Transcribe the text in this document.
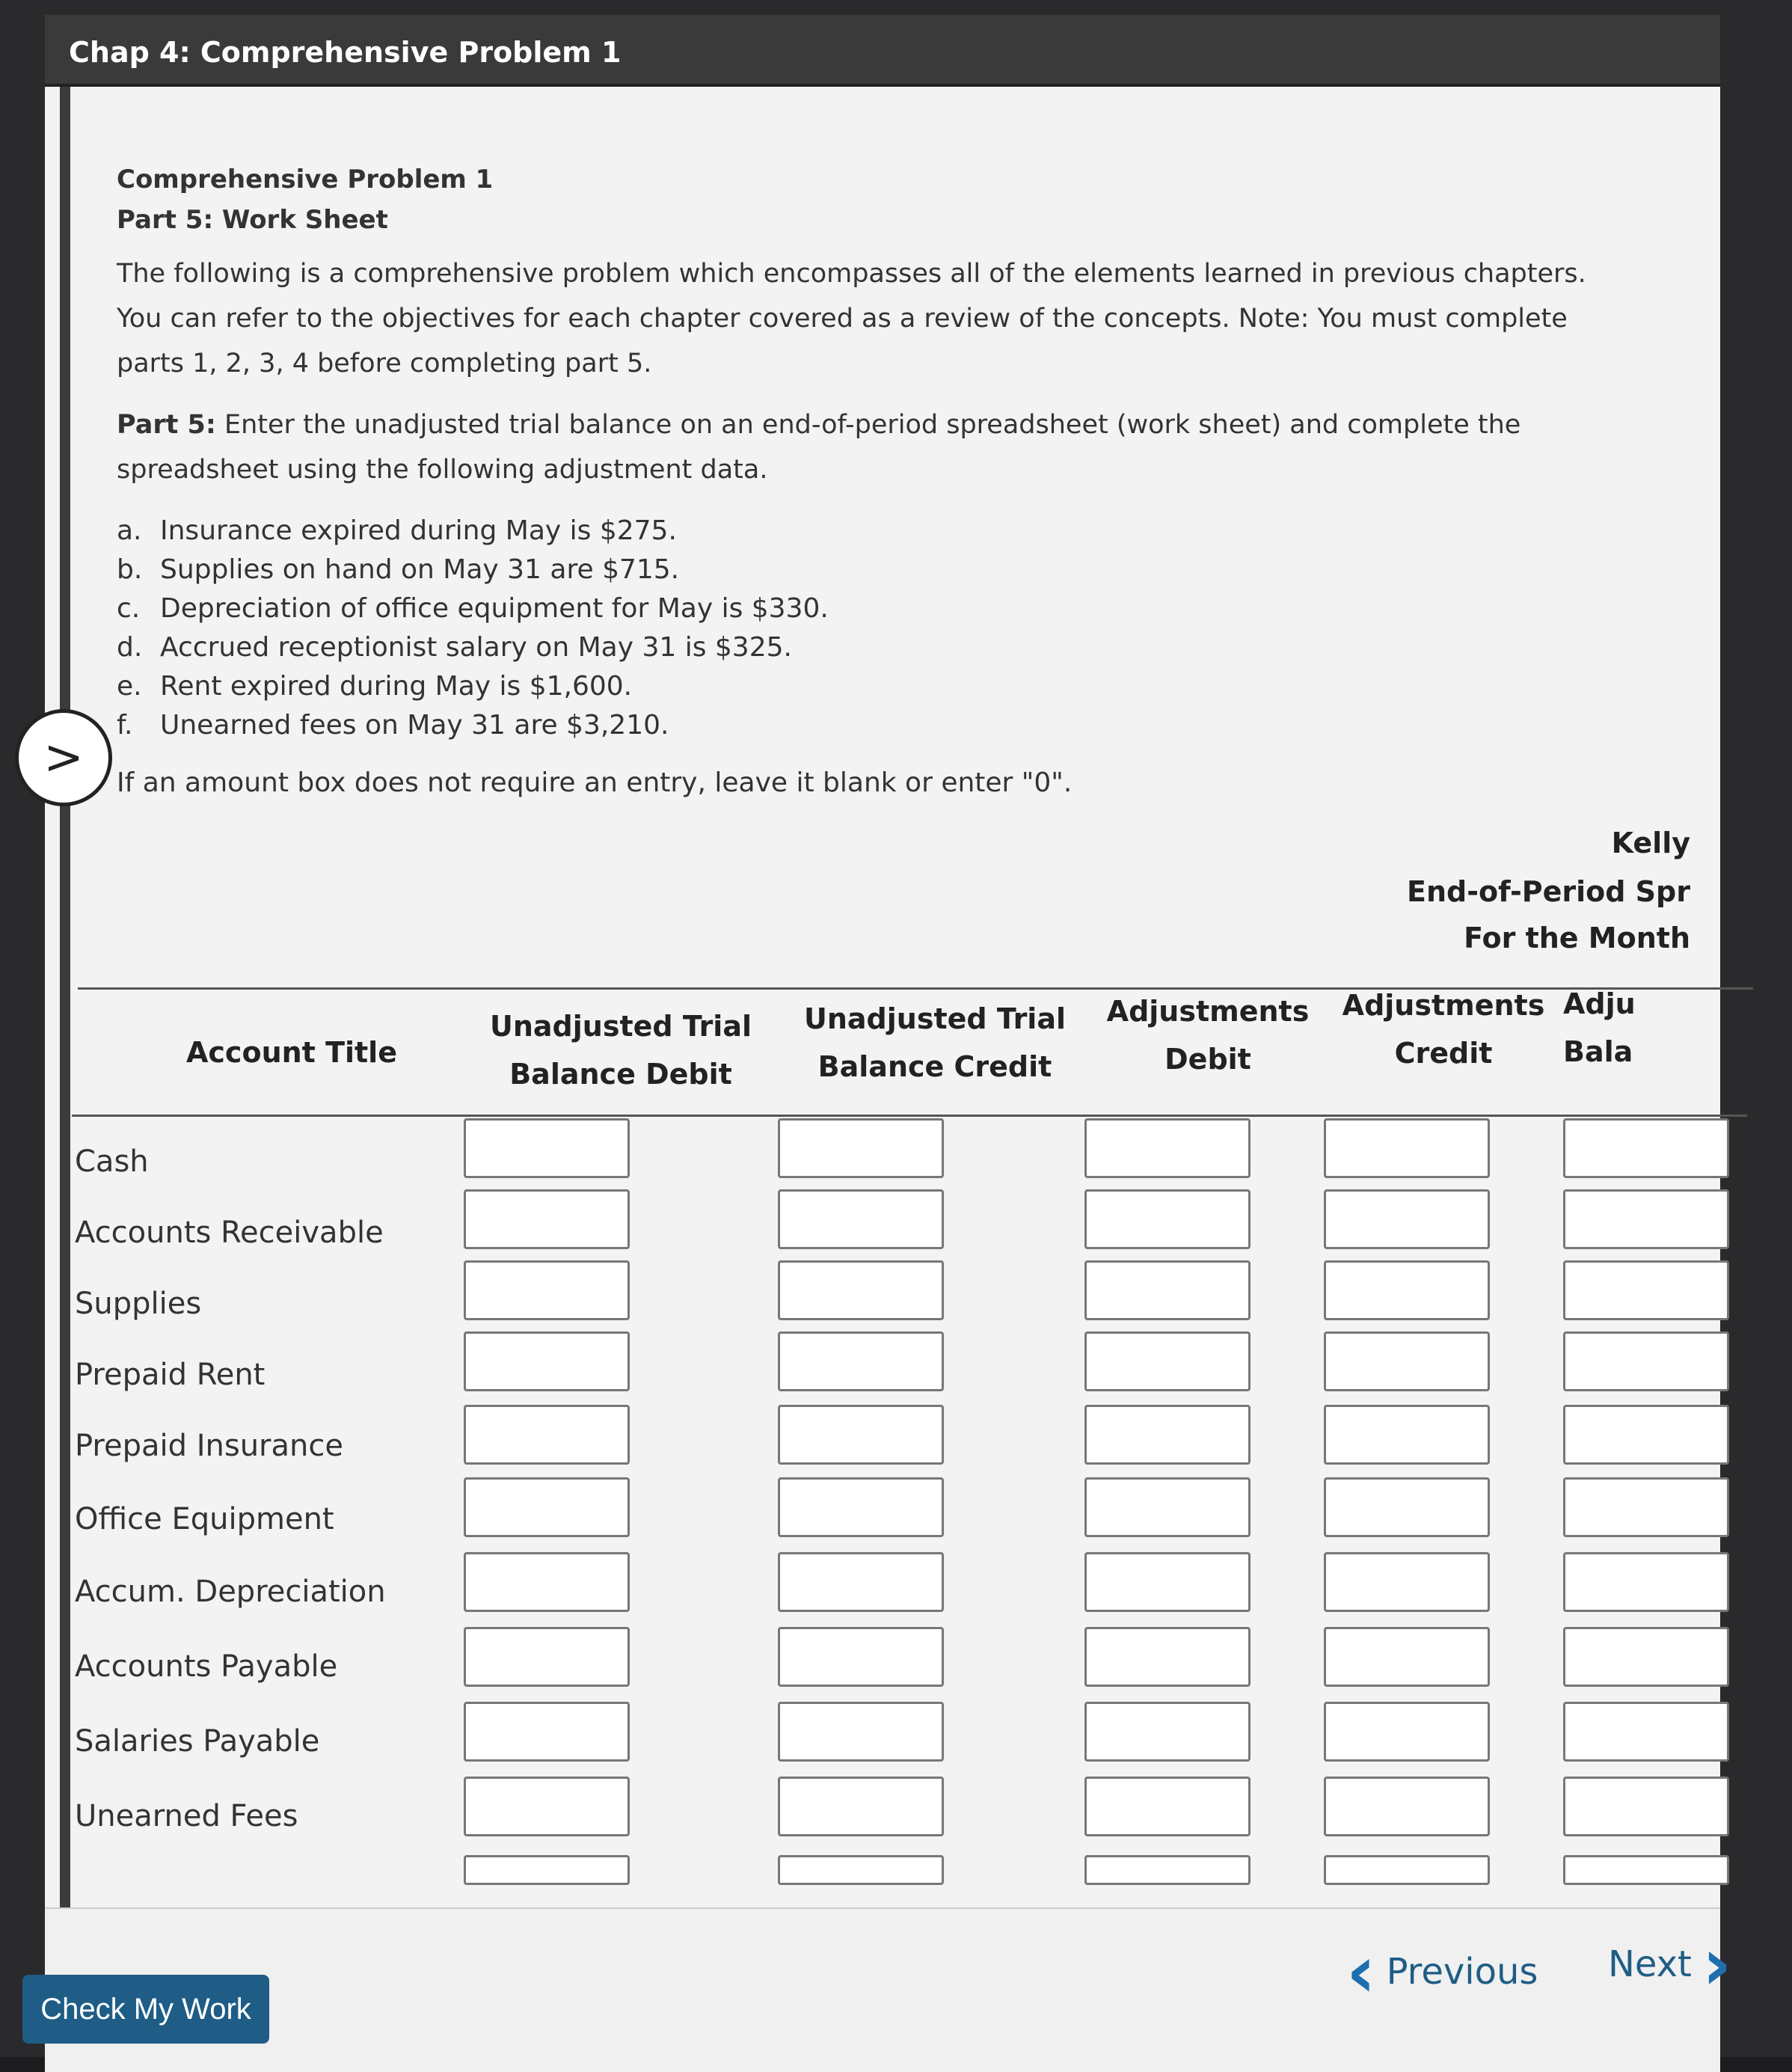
Chap 4: Comprehensive Problem 1
Comprehensive Problem 1
Part 5: Work Sheet
The following is a comprehensive problem which encompasses all of the elements learned in previous chapters. You can refer to the objectives for each chapter covered as a review of the concepts. Note: You must complete parts 1, 2, 3, 4 before completing part 5.
Part 5: Enter the unadjusted trial balance on an end-of-period spreadsheet (work sheet) and complete the spreadsheet using the following adjustment data.
a. Insurance expired during May is $275.
b. Supplies on hand on May 31 are $715.
c. Depreciation of office equipment for May is $330.
d. Accrued receptionist salary on May 31 is $325.
e. Rent expired during May is $1,600.
f. Unearned fees on May 31 are $3,210.
If an amount box does not require an entry, leave it blank or enter "0".
>
Kelly
End-of-Period Spr
For the Month
Account Title
Unadjusted Trial
Balance Debit
Unadjusted Trial
Balance Credit
Adjustments
Debit
Adjustments
Credit
Adju
Bala
Cash
Accounts Receivable
Supplies
Prepaid Rent
Prepaid Insurance
Office Equipment
Accum. Depreciation
Accounts Payable
Salaries Payable
Unearned Fees
Check My Work	‹ Previous Next ›
